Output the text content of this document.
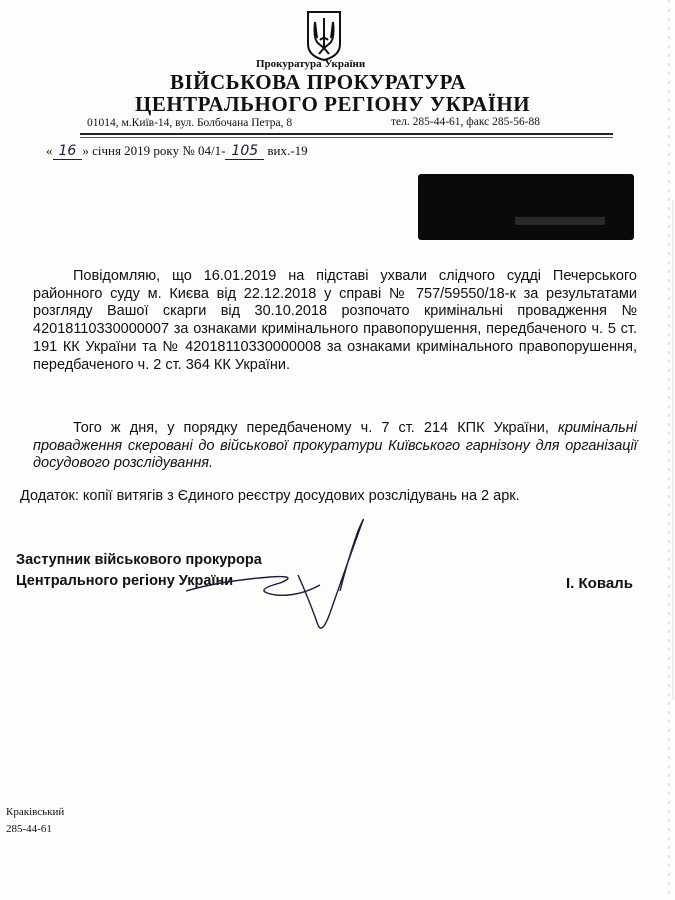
Прокуратура України
ВІЙСЬКОВА ПРОКУРАТУРА
ЦЕНТРАЛЬНОГО РЕГІОНУ УКРАЇНИ
01014, м.Київ-14, вул. Болбочана Петра, 8	тел. 285-44-61, факс 285-56-88
« 16 » січня 2019 року № 04/1- 105 вих.-19
Повідомляю, що 16.01.2019 на підставі ухвали слідчого судді Печерського районного суду м. Києва від 22.12.2018 у справі № 757/59550/18-к за результатами розгляду Вашої скарги від 30.10.2018 розпочато кримінальні провадження № 42018110330000007 за ознаками кримінального правопорушення, передбаченого ч. 5 ст. 191 КК України та № 42018110330000008 за ознаками кримінального правопорушення, передбаченого ч. 2 ст. 364 КК України.
Того ж дня, у порядку передбаченому ч. 7 ст. 214 КПК України, кримінальні провадження скеровані до військової прокуратури Київського гарнізону для організації досудового розслідування.
Додаток: копії витягів з Єдиного реєстру досудових розслідувань на 2 арк.
Заступник військового прокурора
Центрального регіону України	І. Коваль
Краківський
285-44-61
